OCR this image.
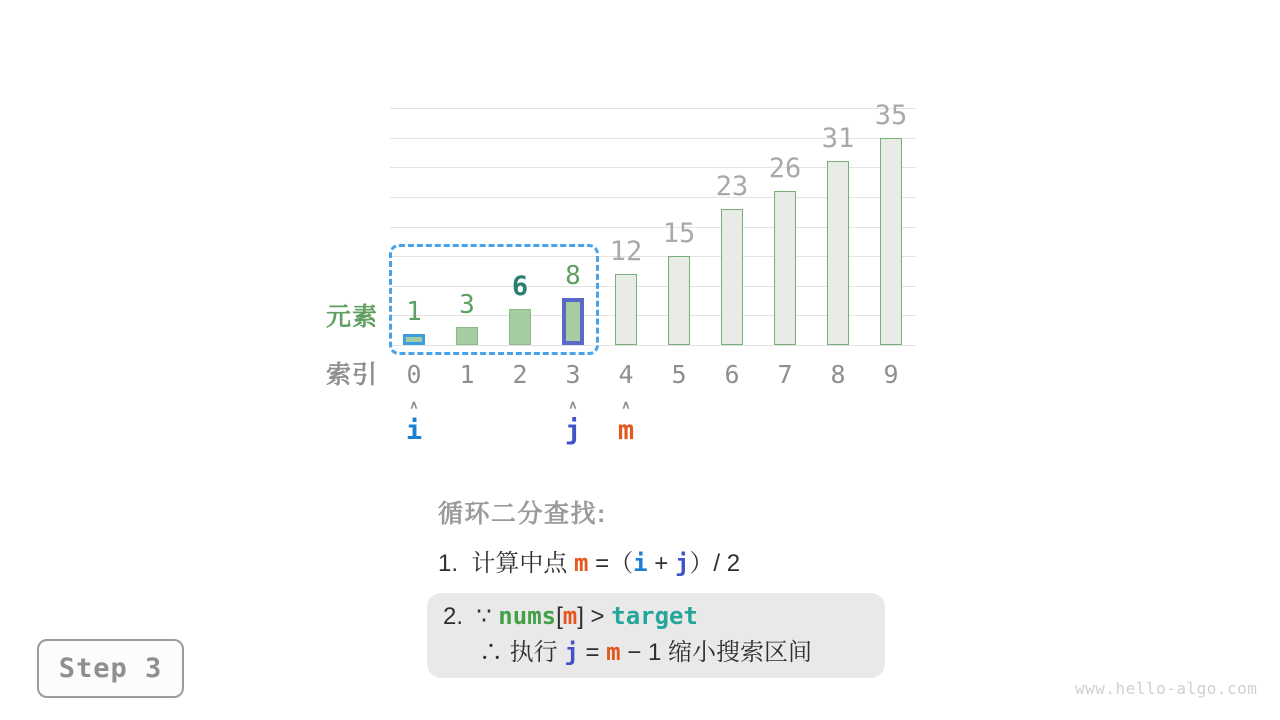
1
0
3
1
6
2
8
3
12
4
15
5
23
6
26
7
31
8
35
9
∧
i
∧
j
∧
m
元素
索引
循环二分查找:
1.  计算中点 m =（i + j）/ 2
2.  ∵ nums[m] > target
∴ 执行 j = m − 1 缩小搜索区间
Step 3
www.hello-algo.com
